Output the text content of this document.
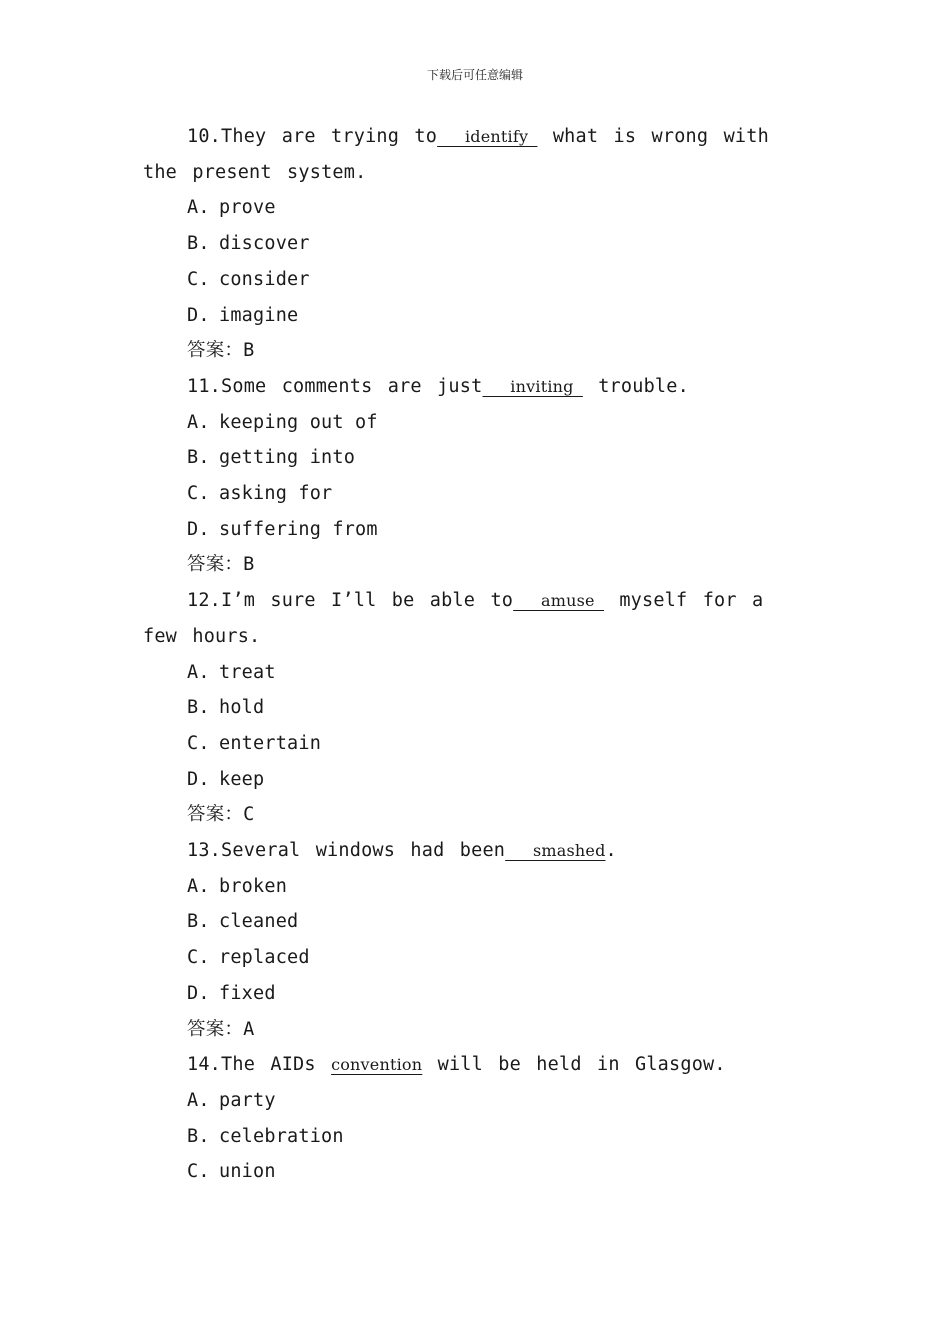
下载后可任意编辑
10.They are trying to   identify  what is wrong with the present system.
A. prove
B. discover
C. consider
D. imagine
答案：B
11.Some comments are just   inviting  trouble.
A. keeping out of
B. getting into
C. asking for
D. suffering from
答案：B
12.I’m sure I’ll be able to   amuse  myself for a few hours.
A. treat
B. hold
C. entertain
D. keep
答案：C
13.Several windows had been   smashed.
A. broken
B. cleaned
C. replaced
D. fixed
答案：A
14.The AIDs convention will be held in Glasgow.
A. party
B. celebration
C. union
